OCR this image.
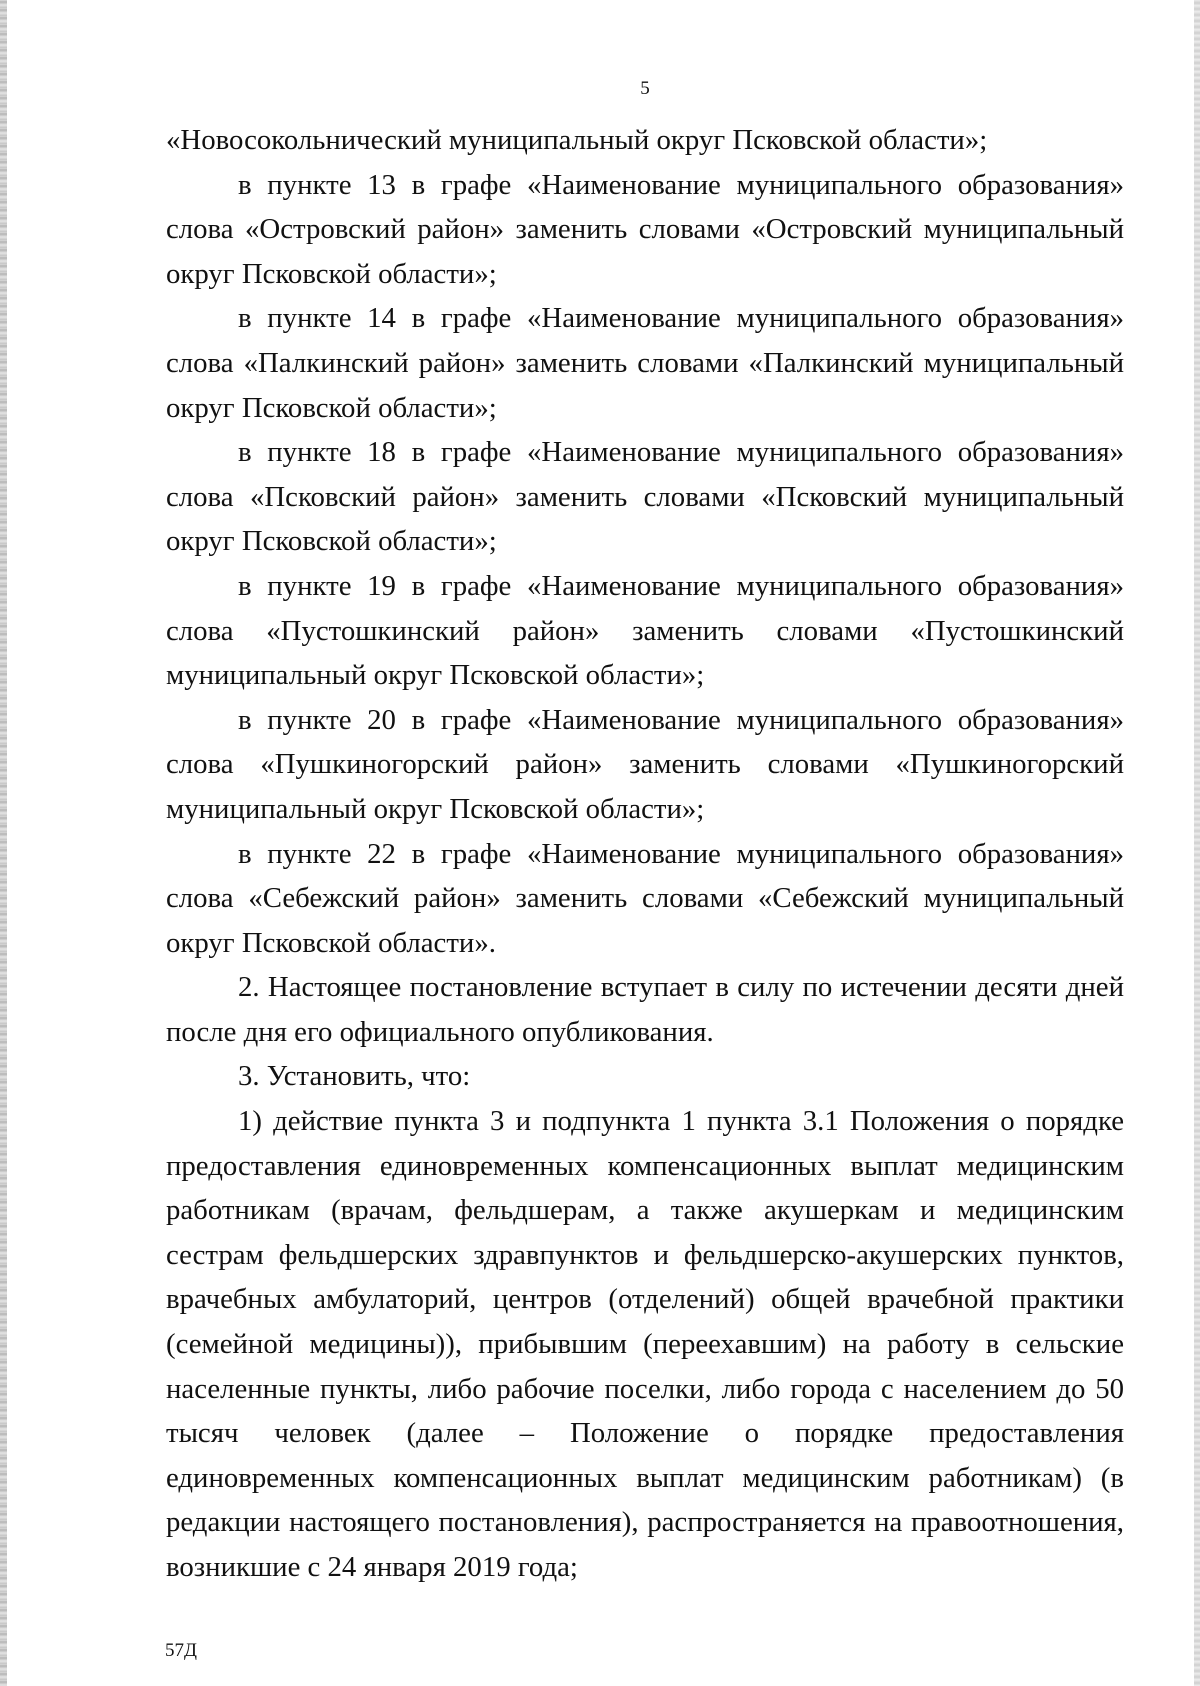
5

«Новосокольнический муниципальный округ Псковской области»;

в пункте 13 в графе «Наименование муниципального образования» слова «Островский район» заменить словами «Островский муниципальный округ Псковской области»;

в пункте 14 в графе «Наименование муниципального образования» слова «Палкинский район» заменить словами «Палкинский муниципальный округ Псковской области»;

в пункте 18 в графе «Наименование муниципального образования» слова «Псковский район» заменить словами «Псковский муниципальный округ Псковской области»;

в пункте 19 в графе «Наименование муниципального образования» слова «Пустошкинский район» заменить словами «Пустошкинский муниципальный округ Псковской области»;

в пункте 20 в графе «Наименование муниципального образования» слова «Пушкиногорский район» заменить словами «Пушкиногорский муниципальный округ Псковской области»;

в пункте 22 в графе «Наименование муниципального образования» слова «Себежский район» заменить словами «Себежский муниципальный округ Псковской области».

2. Настоящее постановление вступает в силу по истечении десяти дней после дня его официального опубликования.

3. Установить, что:

1) действие пункта 3 и подпункта 1 пункта 3.1 Положения о порядке предоставления единовременных компенсационных выплат медицинским работникам (врачам, фельдшерам, а также акушеркам и медицинским сестрам фельдшерских здравпунктов и фельдшерско-акушерских пунктов, врачебных амбулаторий, центров (отделений) общей врачебной практики (семейной медицины)), прибывшим (переехавшим) на работу в сельские населенные пункты, либо рабочие поселки, либо города с населением до 50 тысяч человек (далее – Положение о порядке предоставления единовременных компенсационных выплат медицинским работникам) (в редакции настоящего постановления), распространяется на правоотношения, возникшие с 24 января 2019 года;

57Д
